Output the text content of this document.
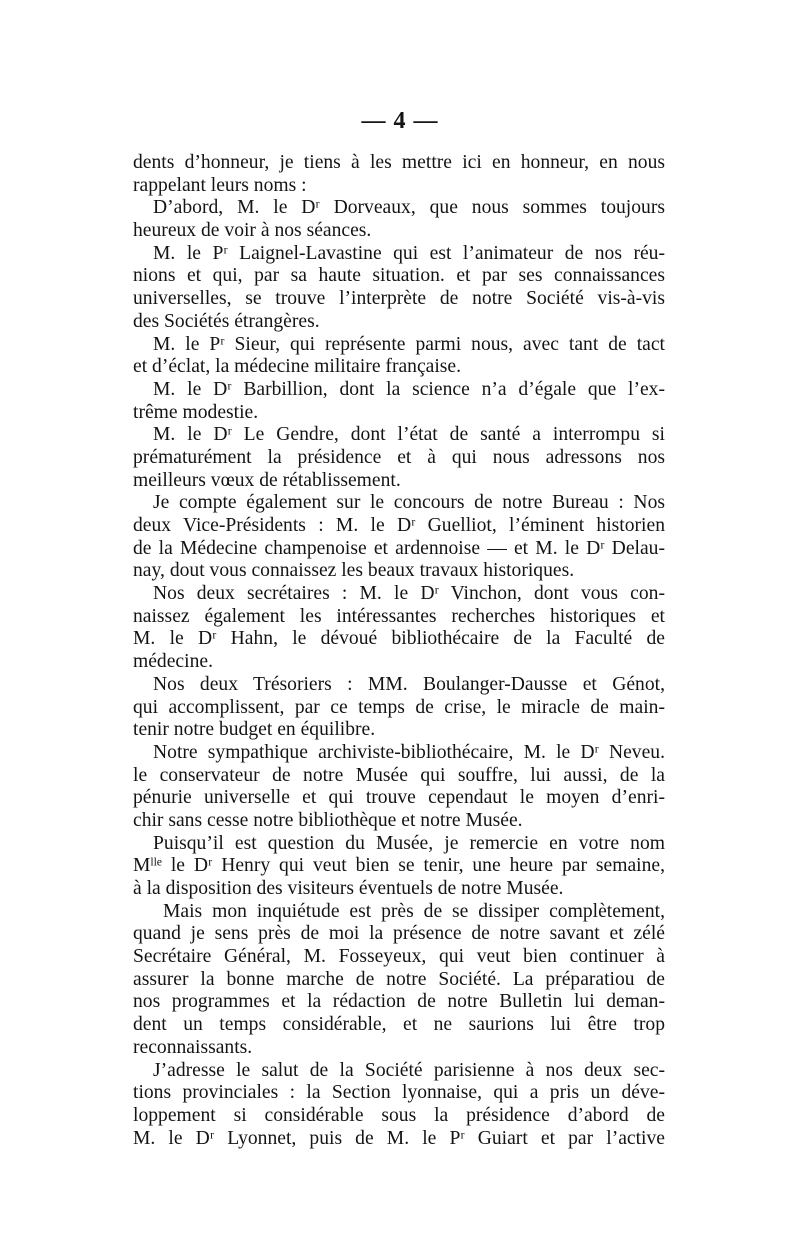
— 4 —
dents d’honneur, je tiens à les mettre ici en honneur, en nous
rappelant leurs noms :
D’abord, M. le Dʳ Dorveaux, que nous sommes toujours
heureux de voir à nos séances.
M. le Pʳ Laignel-Lavastine qui est l’animateur de nos réu-
nions et qui, par sa haute situation. et par ses connaissances
universelles, se trouve l’interprète de notre Société vis-à-vis
des Sociétés étrangères.
M. le Pʳ Sieur, qui représente parmi nous, avec tant de tact
et d’éclat, la médecine militaire française.
M. le Dʳ Barbillion, dont la science n’a d’égale que l’ex-
trême modestie.
M. le Dʳ Le Gendre, dont l’état de santé a interrompu si
prématurément la présidence et à qui nous adressons nos
meilleurs vœux de rétablissement.
Je compte également sur le concours de notre Bureau : Nos
deux Vice-Présidents : M. le Dʳ Guelliot, l’éminent historien
de la Médecine champenoise et ardennoise — et M. le Dʳ Delau-
nay, dout vous connaissez les beaux travaux historiques.
Nos deux secrétaires : M. le Dʳ Vinchon, dont vous con-
naissez également les intéressantes recherches historiques et
M. le Dʳ Hahn, le dévoué bibliothécaire de la Faculté de
médecine.
Nos deux Trésoriers : MM. Boulanger-Dausse et Génot,
qui accomplissent, par ce temps de crise, le miracle de main-
tenir notre budget en équilibre.
Notre sympathique archiviste-bibliothécaire, M. le Dʳ Neveu.
le conservateur de notre Musée qui souffre, lui aussi, de la
pénurie universelle et qui trouve cependaut le moyen d’enri-
chir sans cesse notre bibliothèque et notre Musée.
Puisqu’il est question du Musée, je remercie en votre nom
Mˡˡᵉ le Dʳ Henry qui veut bien se tenir, une heure par semaine,
à la disposition des visiteurs éventuels de notre Musée.
Mais mon inquiétude est près de se dissiper complètement,
quand je sens près de moi la présence de notre savant et zélé
Secrétaire Général, M. Fosseyeux, qui veut bien continuer à
assurer la bonne marche de notre Société. La préparatiou de
nos programmes et la rédaction de notre Bulletin lui deman-
dent un temps considérable, et ne saurions lui être trop
reconnaissants.
J’adresse le salut de la Société parisienne à nos deux sec-
tions provinciales : la Section lyonnaise, qui a pris un déve-
loppement si considérable sous la présidence d’abord de
M. le Dʳ Lyonnet, puis de M. le Pʳ Guiart et par l’active
